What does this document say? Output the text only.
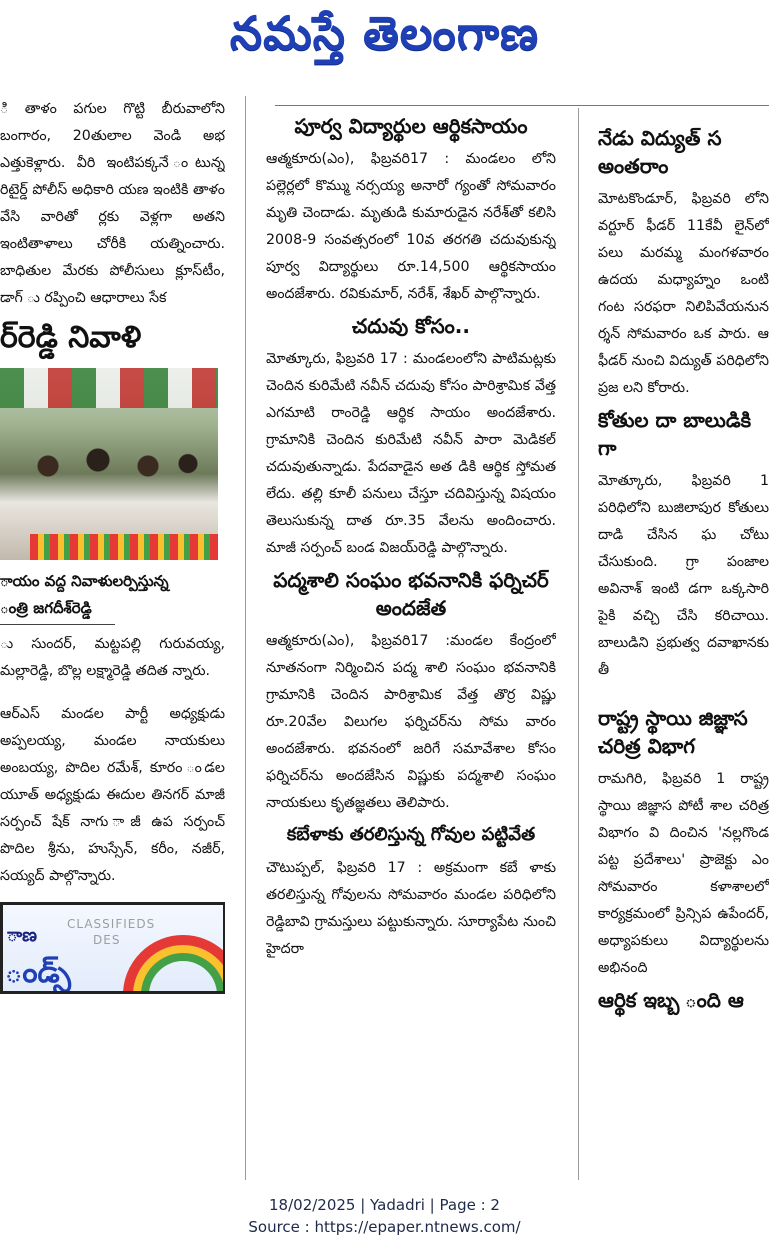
నమస్తే తెలంగాణ

ి తాళం పగుల గొట్టి బీరువాలోని బంగారం, 20తులాల వెండి అభ ఎత్తుకెళ్లారు. వీరి ఇంటిపక్కనే ంటున్న రిటైర్డ్ పోలీస్ అధికారి యణ ఇంటికి తాళం వేసి వారితో ర్లకు వెళ్లగా అతని ఇంటితాళాలు చోరీకి యత్నించారు. బాధితుల మేరకు పోలీసులు క్లూస్‌టీం, డాగ్ ు రప్పించి ఆధారాలు సేక

ర్‌రెడ్డి నివాళి

ాయం వద్ద నివాళులర్పిస్తున్న

ంత్రి జగదీశ్‌రెడ్డి

ు సుందర్, మట్టపల్లి గురువయ్య, మల్లారెడ్డి, బొల్ల లక్ష్మారెడ్డి తదిత న్నారు.

ఆర్‌ఎస్ మండల పార్టీ అధ్యక్షుడు అప్పలయ్య, మండల నాయకులు అంబయ్య, పొదిల రమేశ్, కూరం ండల యూత్ అధ్యక్షుడు ఈదుల తినగర్ మాజీ సర్పంచ్ షేక్ నాగు ాజీ ఉప సర్పంచ్ పొదిల శ్రీను, హుస్సేన్, కరీం, నజీర్, సయ్యద్ పాల్గొన్నారు.

ాణ
CLASSIFIEDS
DES
ండ్స్
పూర్వ విద్యార్థుల ఆర్థికసాయం

ఆత్మకూరు(ఎం), ఫిబ్రవరి17 : మండలం లోని పల్లెర్లలో కొమ్ము నర్సయ్య అనారో గ్యంతో సోమవారం మృతి చెందాడు. మృతుడి కుమారుడైన నరేశ్‌తో కలిసి 2008-9 సంవత్సరంలో 10వ తరగతి చదువుకున్న పూర్వ విద్యార్థులు రూ.14,500 ఆర్థికసాయం అందజేశారు. రవికుమార్, నరేశ్, శేఖర్ పాల్గొన్నారు.

చదువు కోసం..

మోత్కూరు, ఫిబ్రవరి 17 : మండలంలోని పాటిమట్లకు చెందిన కురిమేటి నవీన్ చదువు కోసం పారిశ్రామిక వేత్త ఎగమాటి రాంరెడ్డి ఆర్థిక సాయం అందజేశారు. గ్రామానికి చెందిన కురిమేటి నవీన్ పారా మెడికల్ చదువుతున్నాడు. పేదవాడైన అత డికి ఆర్థిక స్తోమత లేదు. తల్లి కూలీ పనులు చేస్తూ చదివిస్తున్న విషయం తెలుసుకున్న దాత రూ.35 వేలను అందించారు. మాజీ సర్పంచ్ బండ విజయ్‌రెడ్డి పాల్గొన్నారు.

పద్మశాలి సంఘం భవనానికి ఫర్నిచర్ అందజేత

ఆత్మకూరు(ఎం), ఫిబ్రవరి17 :మండల కేంద్రంలో నూతనంగా నిర్మించిన పద్మ శాలి సంఘం భవనానికి గ్రామానికి చెందిన పారిశ్రామిక వేత్త తొర్ర విష్ణు రూ.20వేల విలుగల ఫర్నిచర్‌ను సోమ వారం అందజేశారు. భవనంలో జరిగే సమావేశాల కోసం ఫర్నిచర్‌ను అందజేసిన విష్ణుకు పద్మశాలి సంఘం నాయకులు కృతజ్ఞతలు తెలిపారు.

కబేళాకు తరలిస్తున్న గోవుల పట్టివేత

చౌటుప్పల్, ఫిబ్రవరి 17 : అక్రమంగా కబే ళాకు తరలిస్తున్న గోవులను సోమవారం మండల పరిధిలోని రెడ్డిబావి గ్రామస్తులు పట్టుకున్నారు. సూర్యాపేట నుంచి హైదరా

నేడు విద్యుత్ స అంతరాం

మోటకొండూర్, ఫిబ్రవరి లోని వర్టూర్ ఫీడర్ 11కేవీ లైన్‌లో పలు మరమ్మ మంగళవారం ఉదయ మధ్యాహ్నం ఒంటి గంట సరఫరా నిలిపివేయనున ర్శన్ సోమవారం ఒక పారు. ఆ ఫీడర్ నుంచి విద్యుత్ పరిధిలోని ప్రజ లని కోరారు.

కోతుల దా బాలుడికి గా

మోత్కూరు, ఫిబ్రవరి 1 పరిధిలోని బుజిలాపుర కోతులు దాడి చేసిన ఘ చోటు చేసుకుంది. గ్రా పంజాల అవినాశ్ ఇంటి డగా ఒక్కసారి పైకి వచ్చి చేసి కరిచాయి. బాలుడిని ప్రభుత్వ దవాఖానకు తీ

రాష్ట్ర స్థాయి జిజ్ఞాస చరిత్ర విభాగ

రామగిరి, ఫిబ్రవరి 1 రాష్ట్ర స్థాయి జిజ్ఞాస పోటీ శాల చరిత్ర విభాగం వి దించిన 'నల్లగొండ పట్ట ప్రదేశాలు' ప్రాజెక్టు ఎం సోమవారం కళాశాలలో కార్యక్రమంలో ప్రిన్సిప ఉపేందర్, అధ్యాపకులు విద్యార్థులను అభినంది

ఆర్థిక ఇబ్బ ంది ఆ
18/02/2025 | Yadadri | Page : 2
Source : https://epaper.ntnews.com/
